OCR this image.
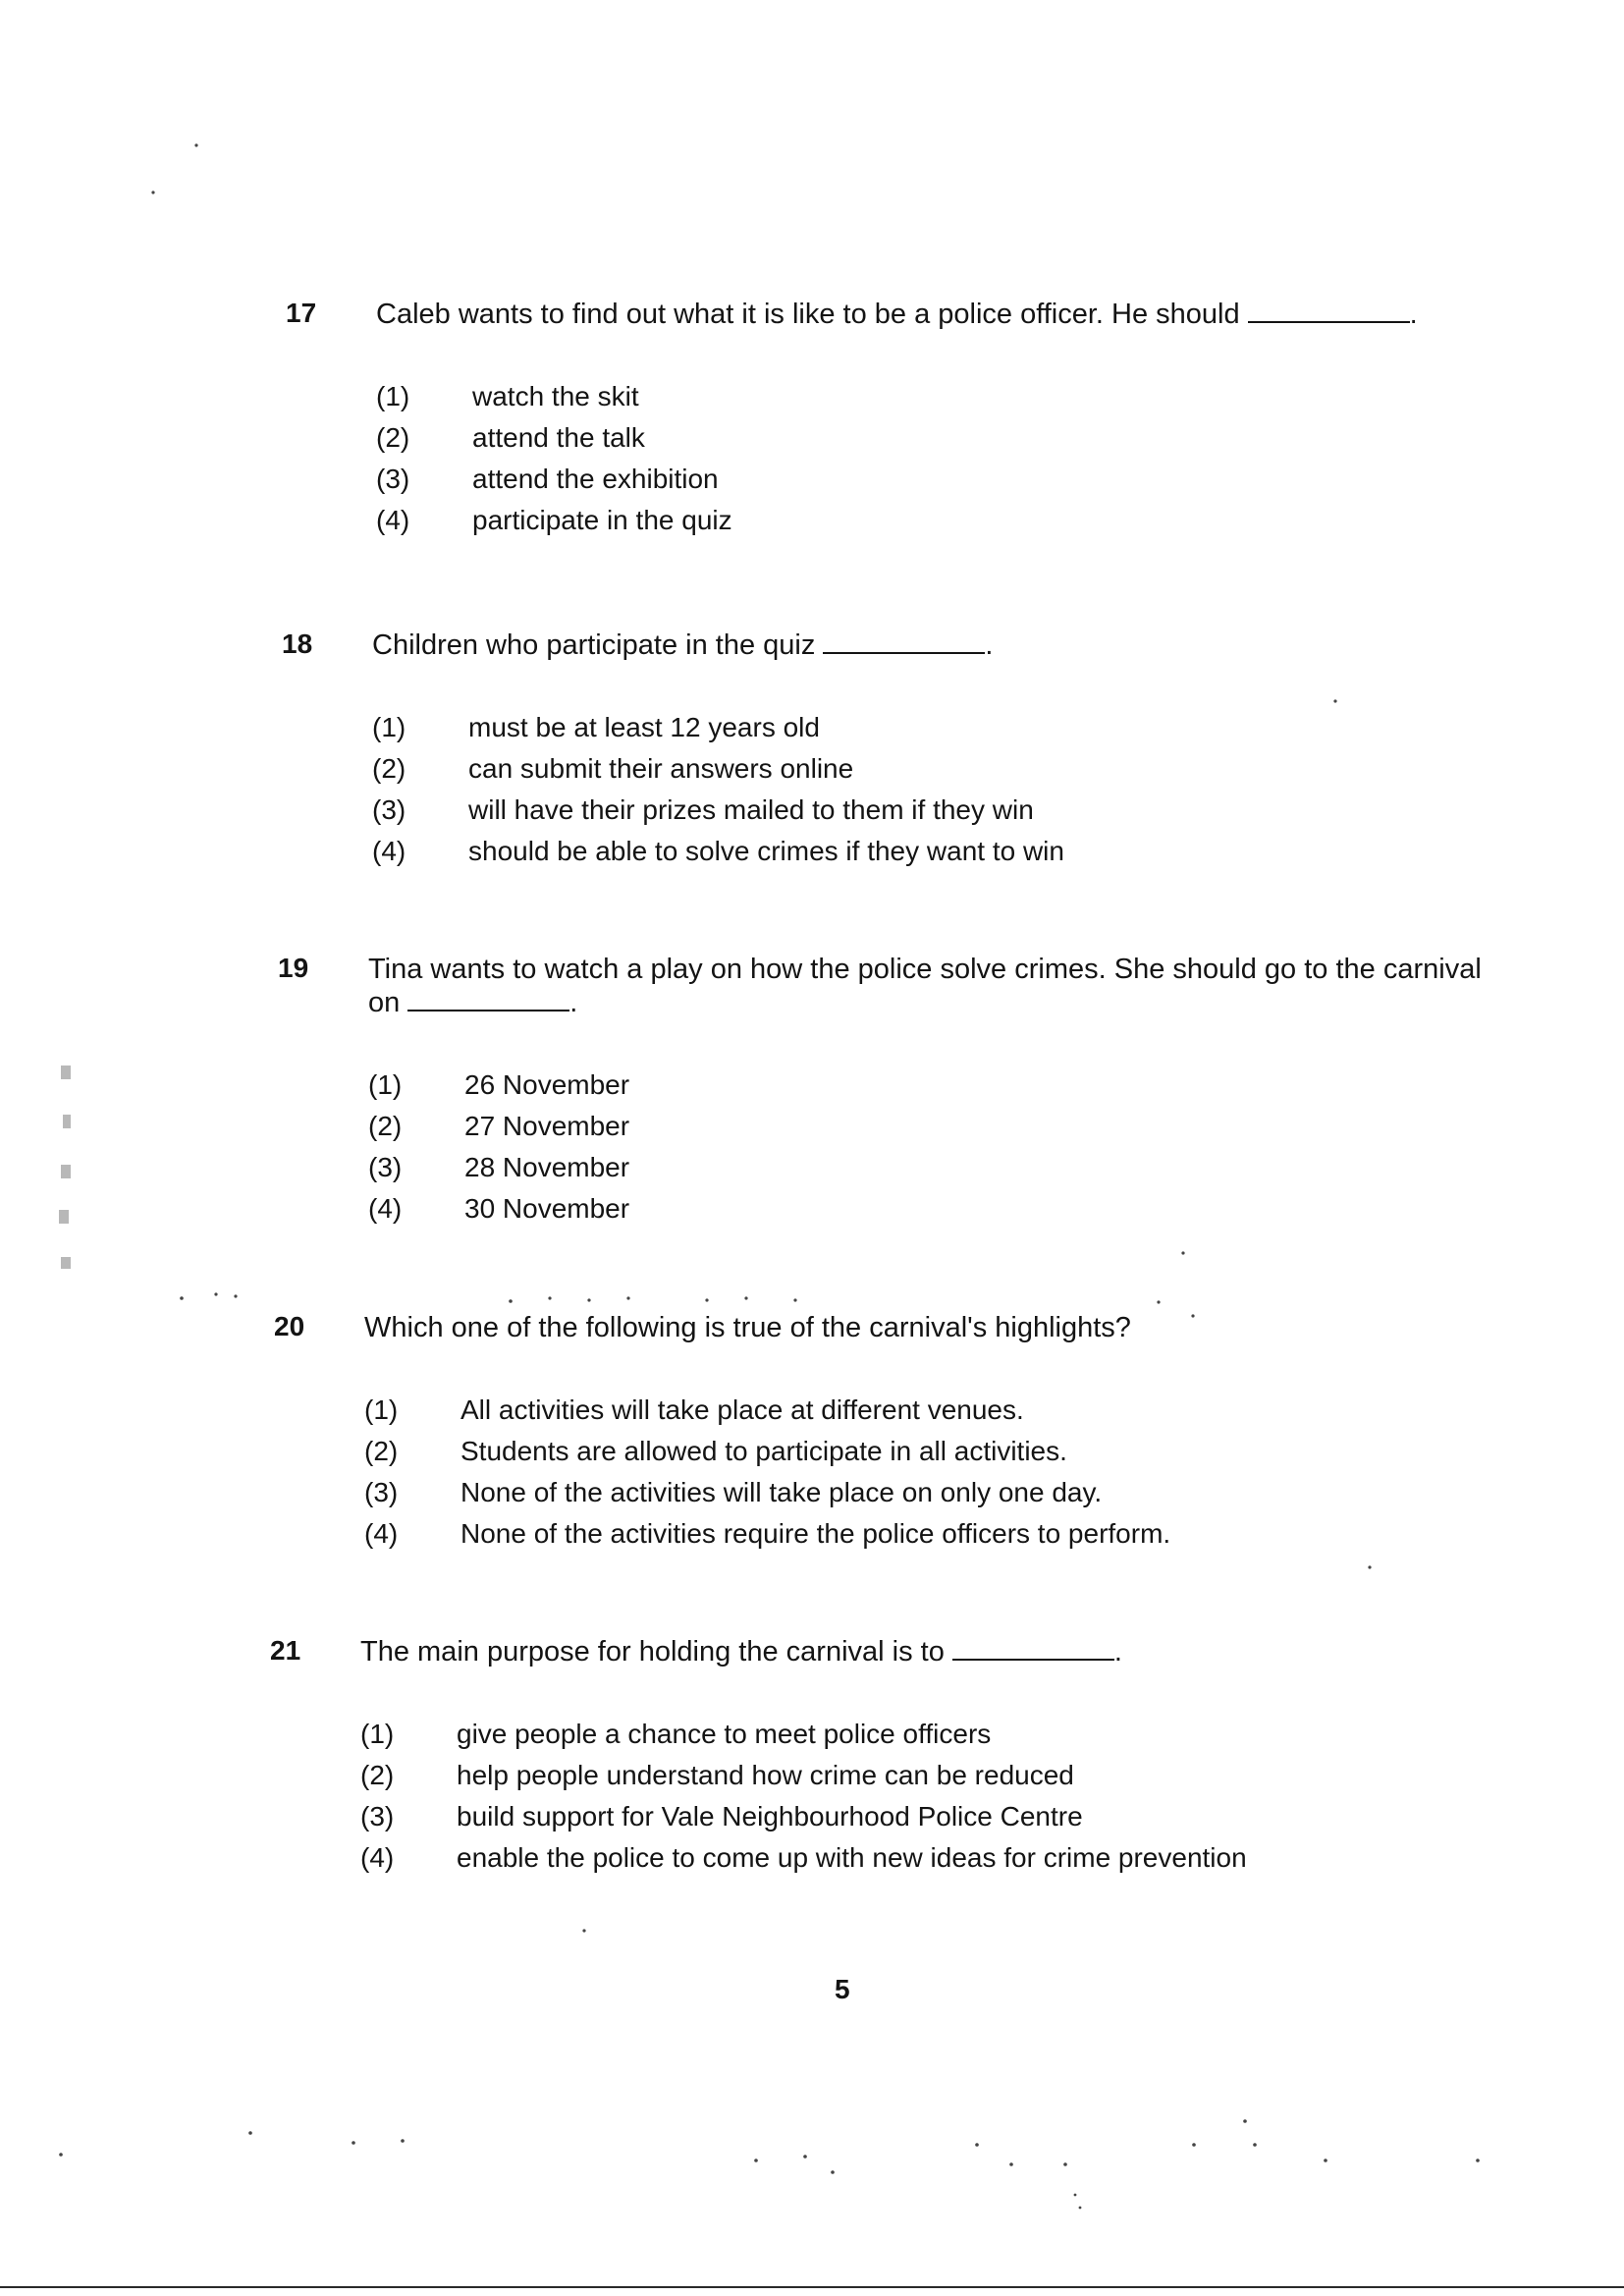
17 Caleb wants to find out what it is like to be a police officer. He should	.
(1)	watch the skit
(2)	attend the talk
(3)	attend the exhibition
(4)	participate in the quiz
18 Children who participate in the quiz	.
(1)	must be at least 12 years old
(2)	can submit their answers online
(3)	will have their prizes mailed to them if they win
(4)	should be able to solve crimes if they want to win
19 Tina wants to watch a play on how the police solve crimes. She should go to the carnival on	.
(1)	26 November
(2)	27 November
(3)	28 November
(4)	30 November
20 Which one of the following is true of the carnival's highlights?
(1)	All activities will take place at different venues.
(2)	Students are allowed to participate in all activities.
(3)	None of the activities will take place on only one day.
(4)	None of the activities require the police officers to perform.
21 The main purpose for holding the carnival is to	.
(1)	give people a chance to meet police officers
(2)	help people understand how crime can be reduced
(3)	build support for Vale Neighbourhood Police Centre
(4)	enable the police to come up with new ideas for crime prevention
5
